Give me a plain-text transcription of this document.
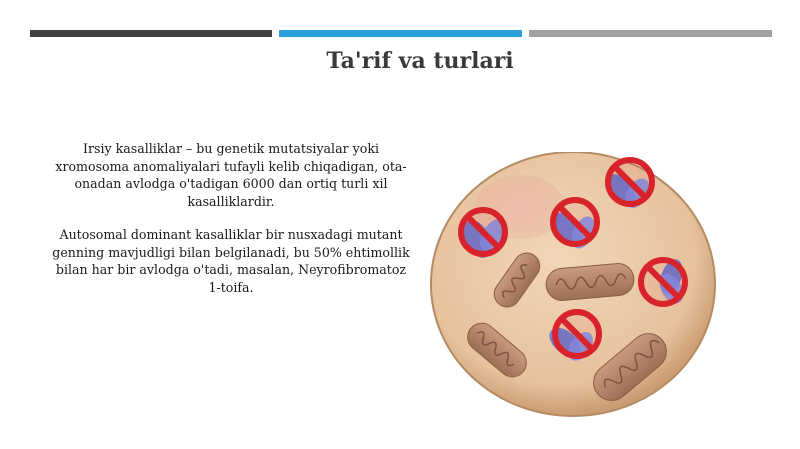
Ta'rif va turlari

Irsiy kasalliklar – bu genetik mutatsiyalar yoki xromosoma anomaliyalari tufayli kelib chiqadigan, ota-onadan avlodga o'tadigan 6000 dan ortiq turli xil kasalliklardir.

Autosomal dominant kasalliklar bir nusxadagi mutant genning mavjudligi bilan belgilanadi, bu 50% ehtimollik bilan har bir avlodga o'tadi, masalan, Neyrofibromatoz 1-toifa.
